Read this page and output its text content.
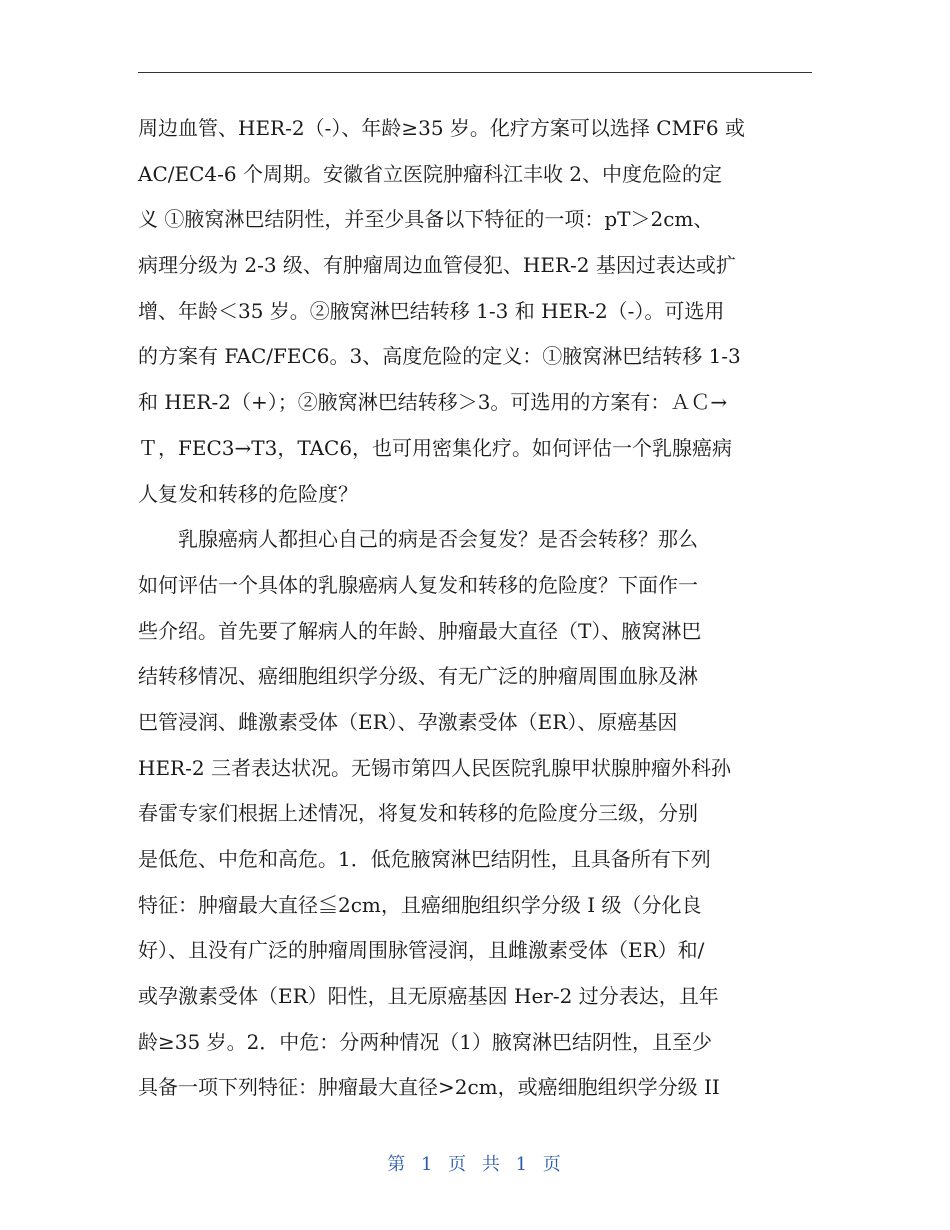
周边血管、HER-2（-）、年龄≥35 岁。化疗方案可以选择 CMF6 或
AC/EC4-6 个周期。安徽省立医院肿瘤科江丰收 2、中度危险的定
义 ①腋窝淋巴结阴性，并至少具备以下特征的一项：pT＞2cm、
病理分级为 2-3 级、有肿瘤周边血管侵犯、HER-2 基因过表达或扩
增、年龄＜35 岁。②腋窝淋巴结转移 1-3 和 HER-2（-）。可选用
的方案有 FAC/FEC6。3、高度危险的定义：①腋窝淋巴结转移 1-3
和 HER-2（+）；②腋窝淋巴结转移＞3。可选用的方案有：ＡＣ→
Ｔ，FEC3→T3，TAC6，也可用密集化疗。如何评估一个乳腺癌病
人复发和转移的危险度？
　　乳腺癌病人都担心自己的病是否会复发？是否会转移？那么
如何评估一个具体的乳腺癌病人复发和转移的危险度？下面作一
些介绍。首先要了解病人的年龄、肿瘤最大直径（T）、腋窝淋巴
结转移情况、癌细胞组织学分级、有无广泛的肿瘤周围血脉及淋
巴管浸润、雌激素受体（ER）、孕激素受体（ER）、原癌基因
HER-2 三者表达状况。无锡市第四人民医院乳腺甲状腺肿瘤外科孙
春雷专家们根据上述情况，将复发和转移的危险度分三级，分别
是低危、中危和高危。1．低危腋窝淋巴结阴性，且具备所有下列
特征：肿瘤最大直径≦2cm，且癌细胞组织学分级 I 级（分化良
好）、且没有广泛的肿瘤周围脉管浸润，且雌激素受体（ER）和/
或孕激素受体（ER）阳性，且无原癌基因 Her-2 过分表达，且年
龄≥35 岁。2．中危：分两种情况（1）腋窝淋巴结阴性，且至少
具备一项下列特征：肿瘤最大直径>2cm，或癌细胞组织学分级 II
第 1 页 共 1 页
